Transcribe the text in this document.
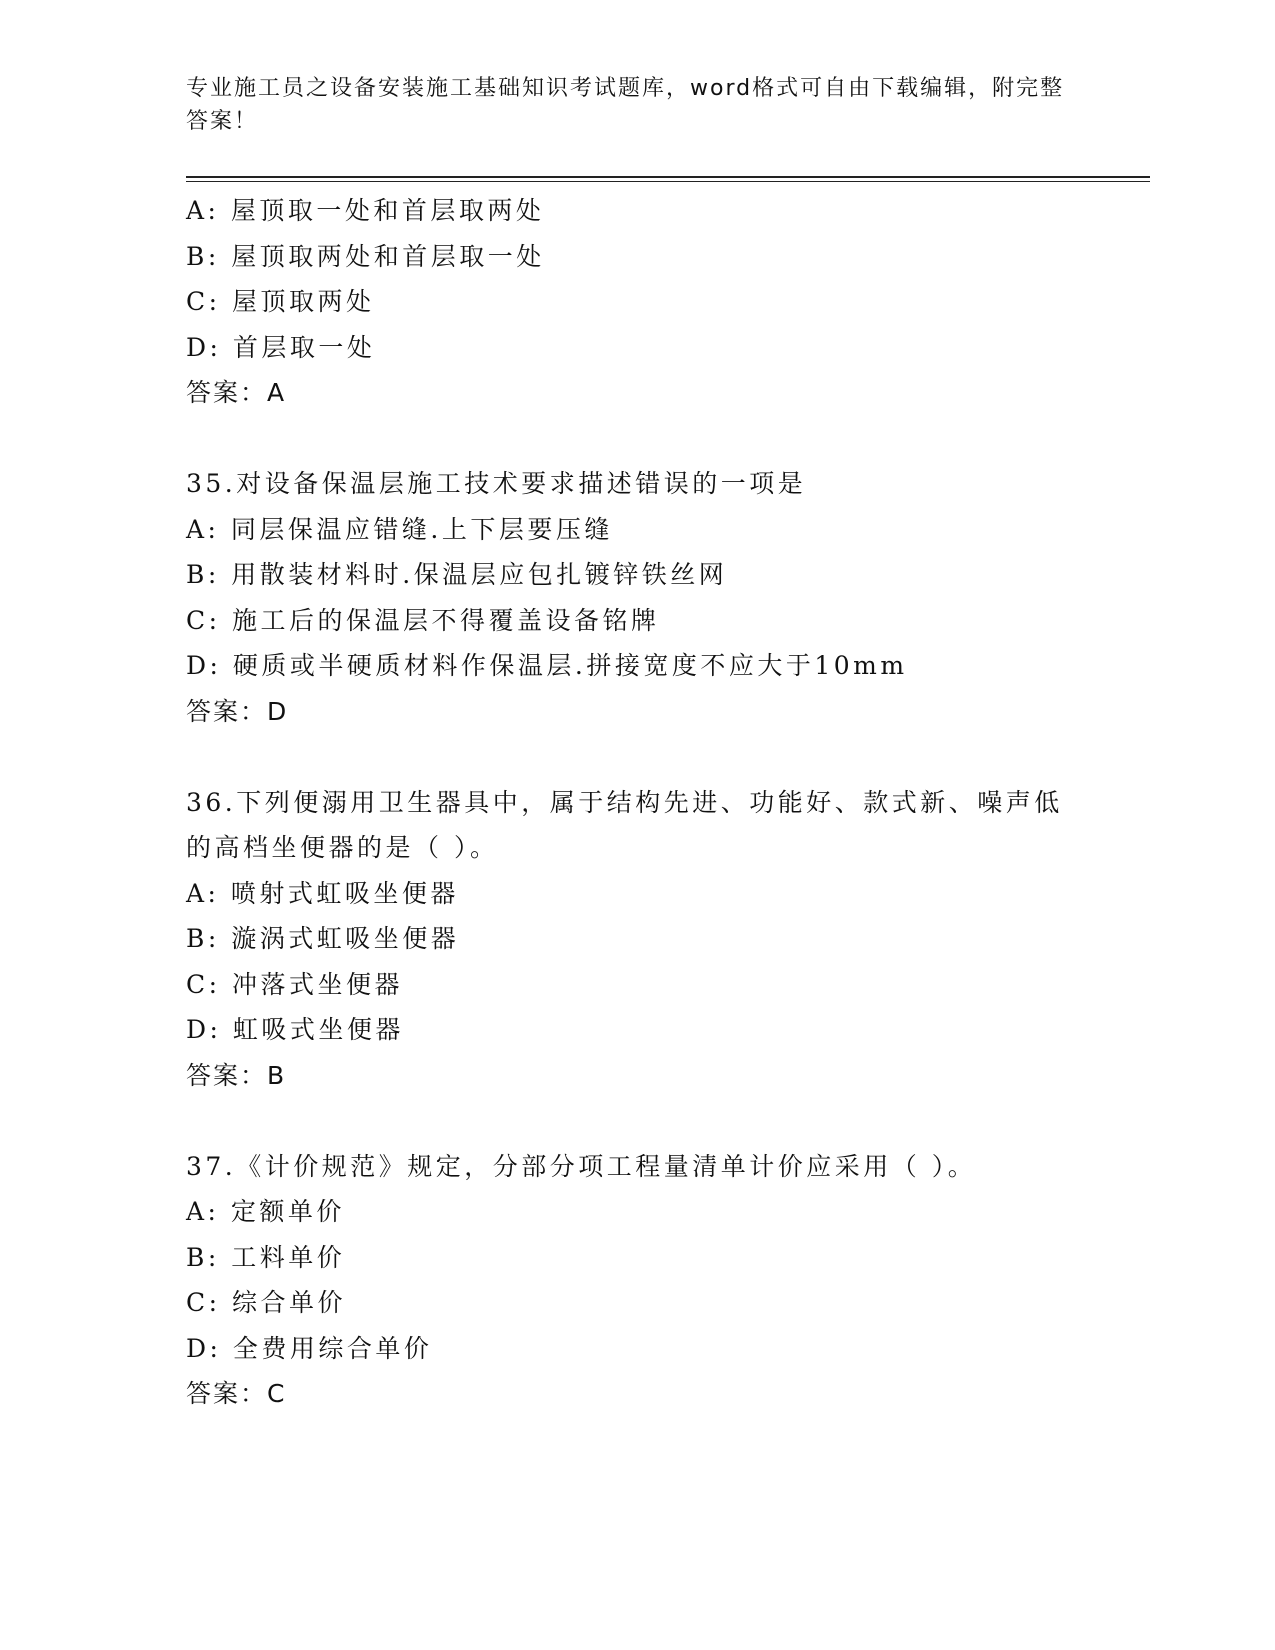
专业施工员之设备安装施工基础知识考试题库，word格式可自由下载编辑，附完整答案！
A: 屋顶取一处和首层取两处
B: 屋顶取两处和首层取一处
C: 屋顶取两处
D: 首层取一处
答案：A
35.对设备保温层施工技术要求描述错误的一项是
A: 同层保温应错缝.上下层要压缝
B: 用散装材料时.保温层应包扎镀锌铁丝网
C: 施工后的保温层不得覆盖设备铭牌
D: 硬质或半硬质材料作保温层.拼接宽度不应大于10mm
答案：D
36.下列便溺用卫生器具中，属于结构先进、功能好、款式新、噪声低
的高档坐便器的是（ ）。
A: 喷射式虹吸坐便器
B: 漩涡式虹吸坐便器
C: 冲落式坐便器
D: 虹吸式坐便器
答案：B
37.《计价规范》规定，分部分项工程量清单计价应采用（ ）。
A: 定额单价
B: 工料单价
C: 综合单价
D: 全费用综合单价
答案：C
